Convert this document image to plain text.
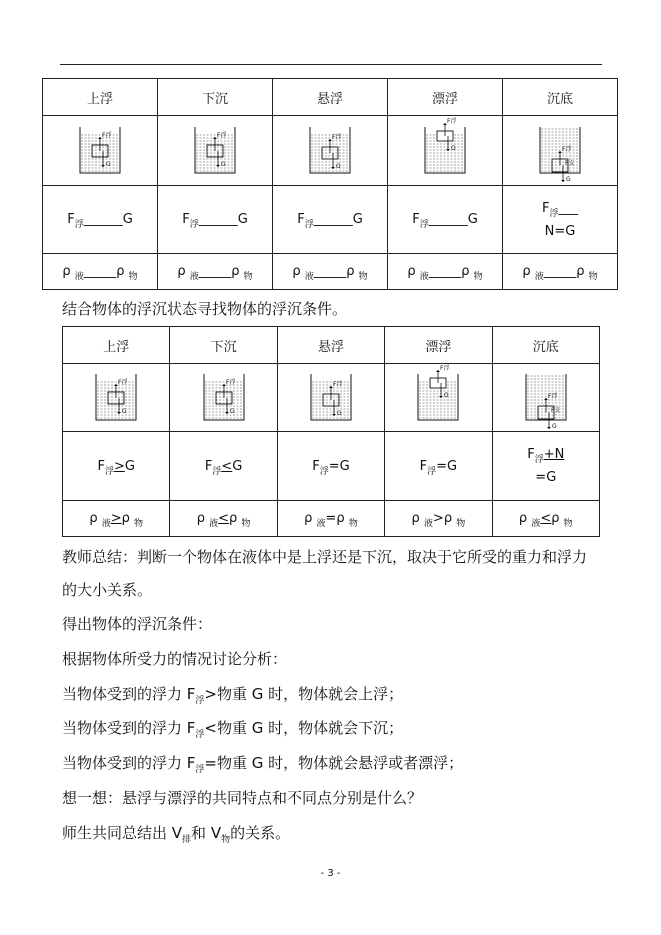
上浮	下沉	悬浮	漂浮	沉底

F浮
G	F浮
G	F浮
G	F浮
G	F浮
G
F支

$F_浮\_\_\_\_\_\_G$	$F_浮\_\_\_\_\_\_G$	$F_浮\_\_\_\_\_\_G$	$F_浮\_\_\_\_\_\_G$	$F_浮\_\_\_$
N=G

ρ $_液$_____ρ $_物$	ρ $_液$_____ρ $_物$	ρ $_液$_____ρ $_物$	ρ $_液$_____ρ $_物$	ρ $_液$_____ρ $_物$
结合物体的浮沉状态寻找物体的浮沉条件。
上浮	下沉	悬浮	漂浮	沉底

F浮
G	F浮
G	F浮
G	F浮
G	F浮
G
F支

$F_浮>G$	$F_浮<G$	$F_浮=G$	$F_浮=G$	$F_浮+N$
=G

ρ $_液$>ρ $_物$	ρ $_液$<ρ $_物$	ρ $_液$=ρ $_物$	ρ $_液$>ρ $_物$	ρ $_液$<ρ $_物$
教师总结：判断一个物体在液体中是上浮还是下沉，取决于它所受的重力和浮力
的大小关系。
得出物体的浮沉条件：
根据物体所受力的情况讨论分析：
当物体受到的浮力 $F_浮>$物重 G 时，物体就会上浮；
当物体受到的浮力 $F_浮<$物重 G 时，物体就会下沉；
当物体受到的浮力 $F_浮=$物重 G 时，物体就会悬浮或者漂浮；
想一想：悬浮与漂浮的共同特点和不同点分别是什么？
师生共同总结出 $V_排$和 $V_物$的关系。
- 3 -
